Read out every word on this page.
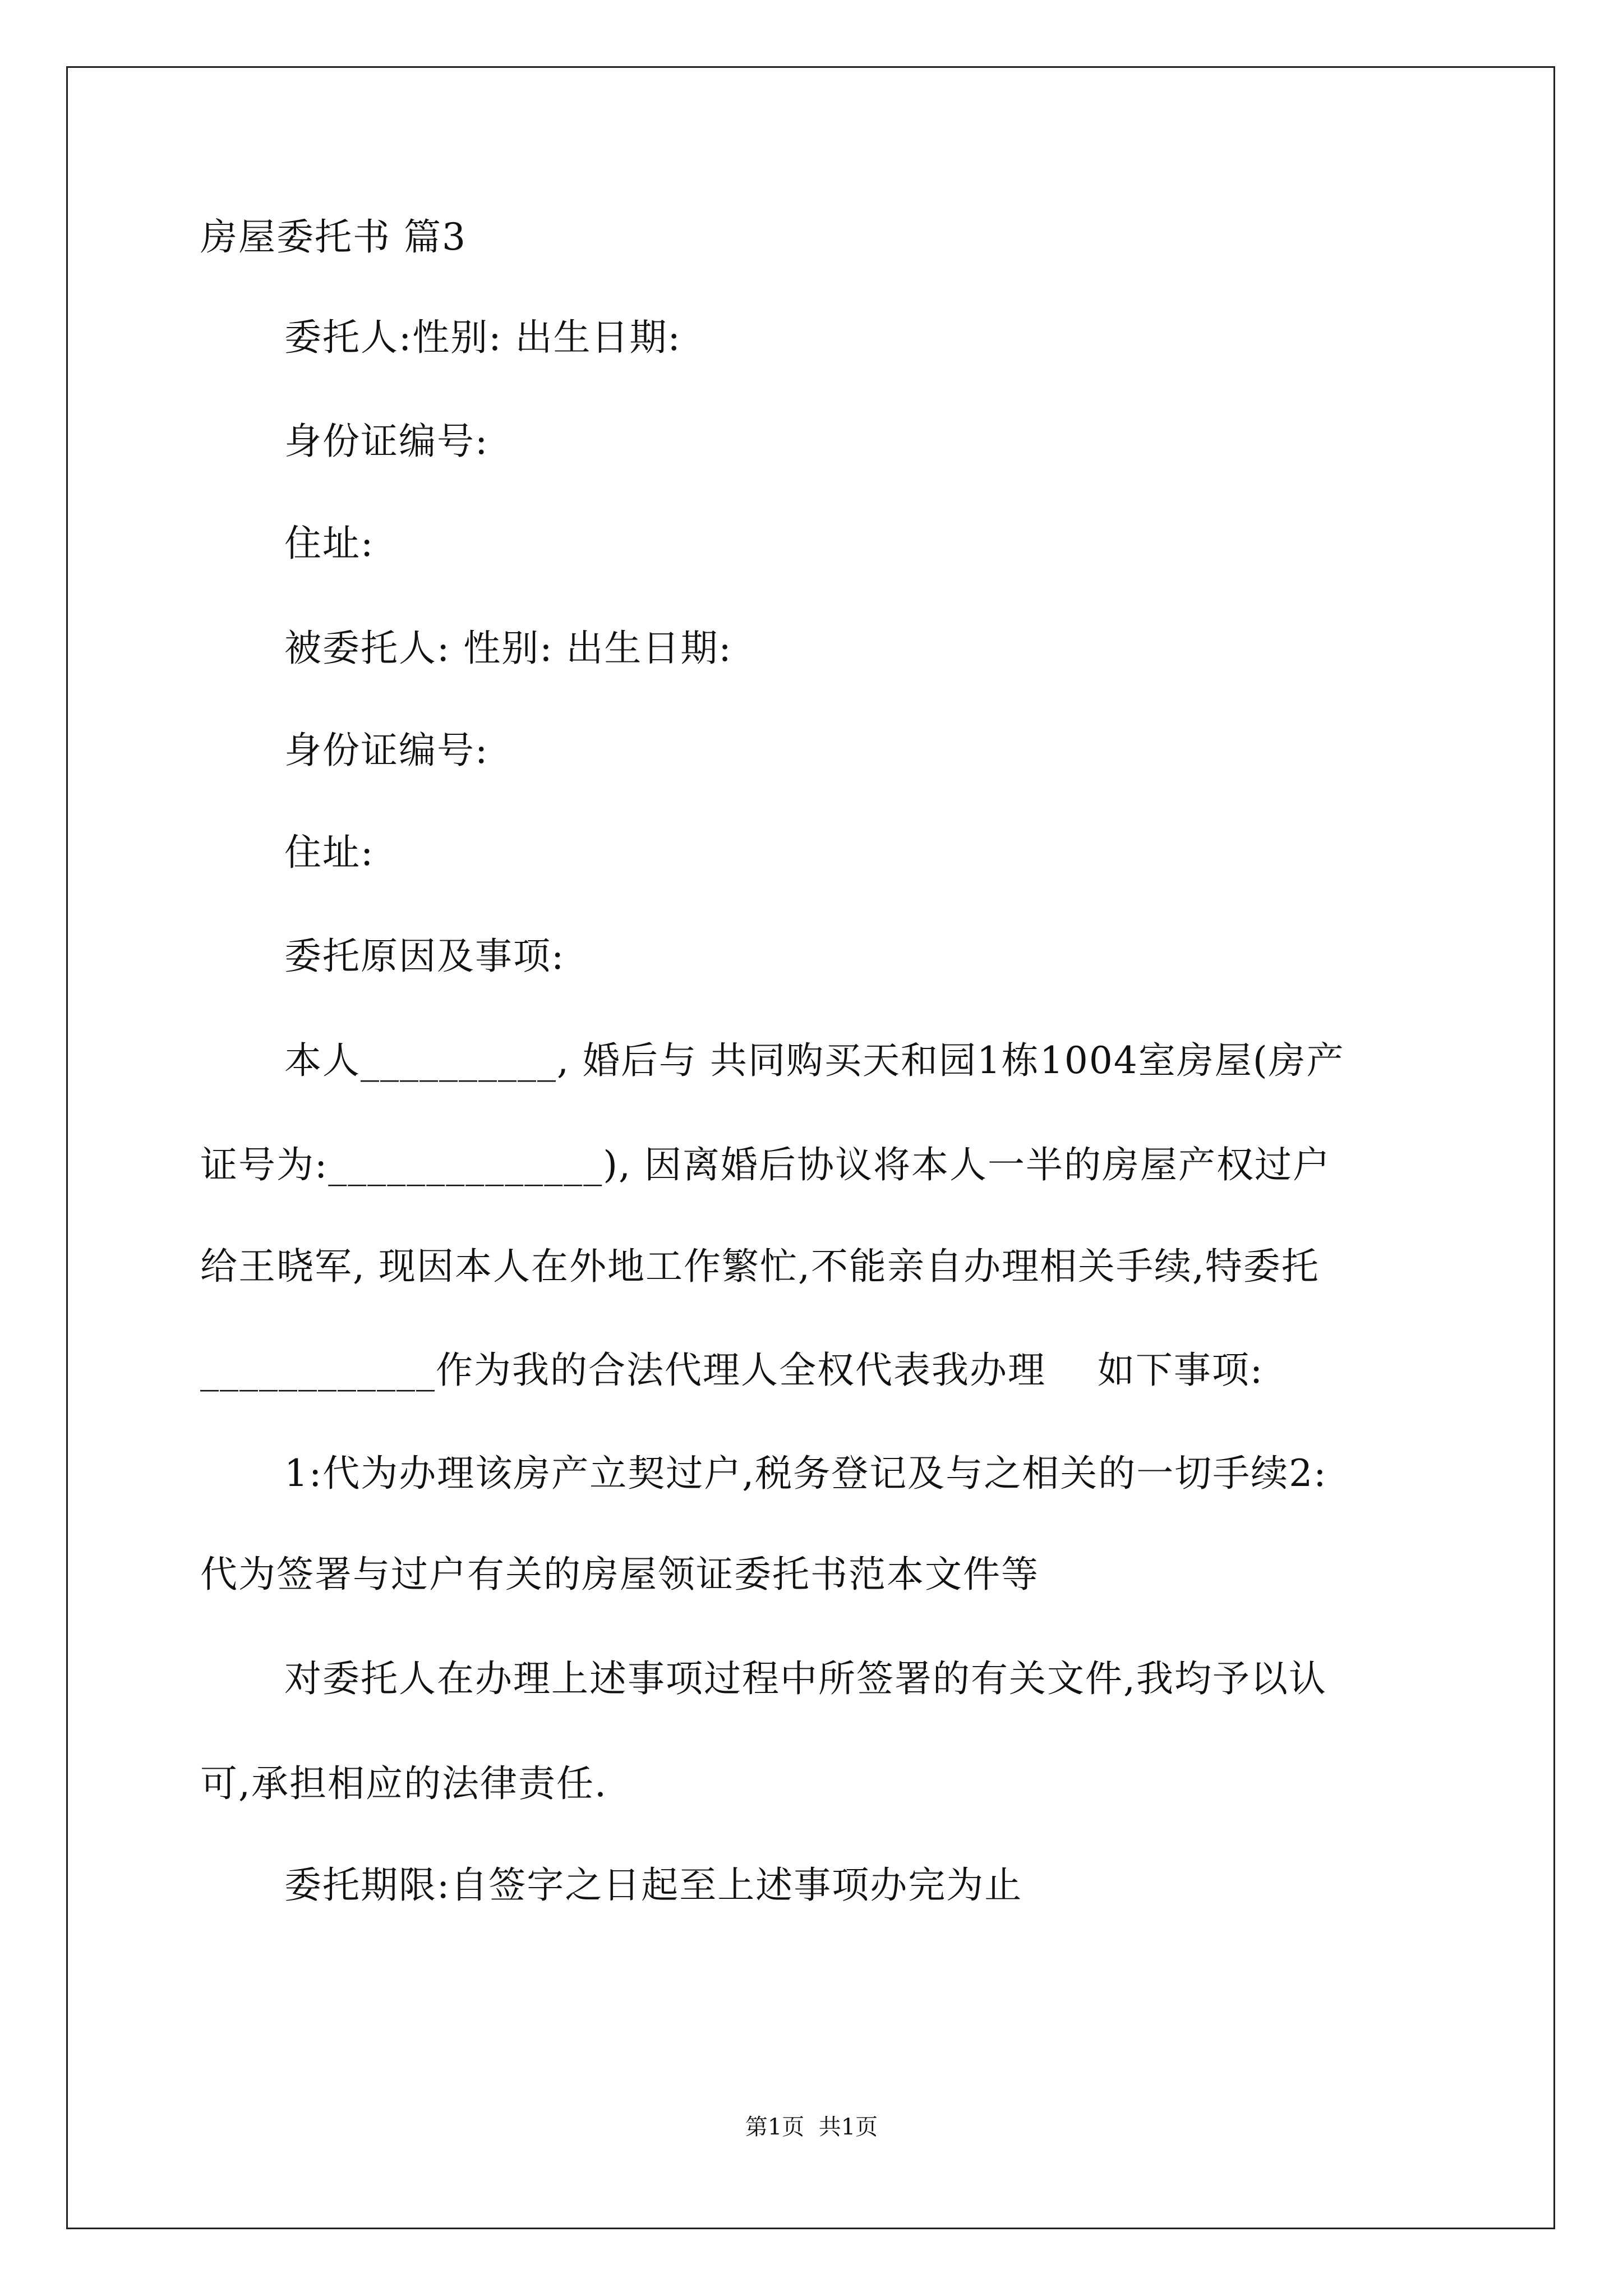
房屋委托书 篇3
委托人:性别: 出生日期:
身份证编号:
住址:
被委托人: 性别: 出生日期:
身份证编号:
住址:
委托原因及事项:
本人__________, 婚后与 共同购买天和园1栋1004室房屋(房产
证号为:______________), 因离婚后协议将本人一半的房屋产权过户
给王晓军, 现因本人在外地工作繁忙,不能亲自办理相关手续,特委托
____________作为我的合法代理人全权代表我办理    如下事项:
1:代为办理该房产立契过户,税务登记及与之相关的一切手续2:
代为签署与过户有关的房屋领证委托书范本文件等
对委托人在办理上述事项过程中所签署的有关文件,我均予以认
可,承担相应的法律责任.
委托期限:自签字之日起至上述事项办完为止
第1页  共1页
